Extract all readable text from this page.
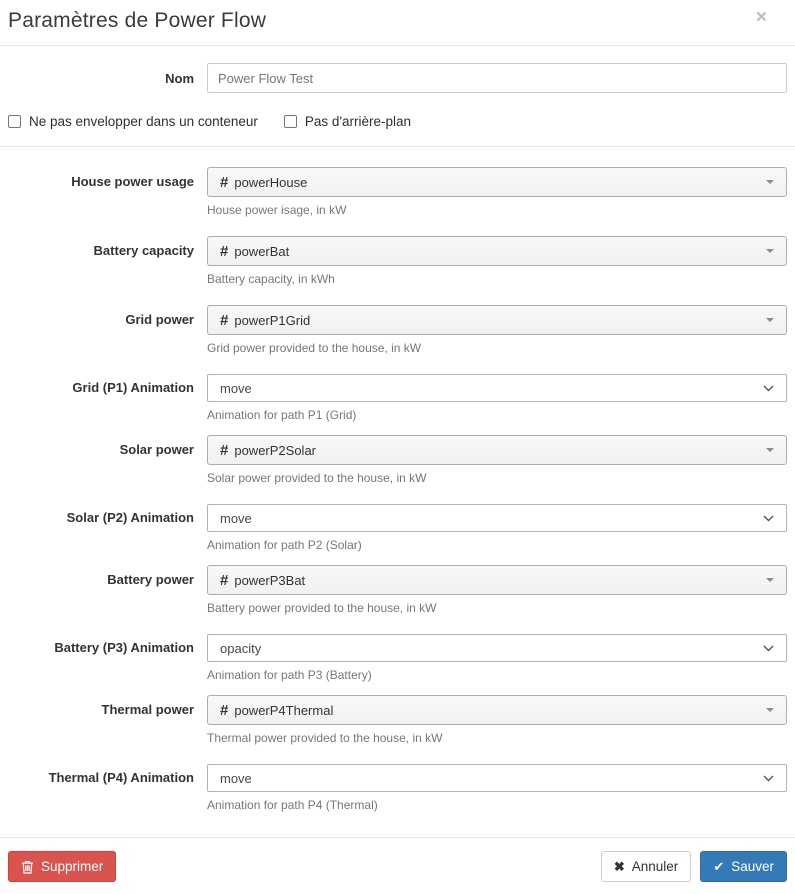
Paramètres de Power Flow	×
Nom
Power Flow Test
Ne pas envelopper dans un conteneur	Pas d'arrière-plan
House power usage	# powerHouse
House power isage, in kW
Battery capacity	# powerBat
Battery capacity, in kWh
Grid power	# powerP1Grid
Grid power provided to the house, in kW
Grid (P1) Animation	move
Animation for path P1 (Grid)
Solar power	# powerP2Solar
Solar power provided to the house, in kW
Solar (P2) Animation	move
Animation for path P2 (Solar)
Battery power	# powerP3Bat
Battery power provided to the house, in kW
Battery (P3) Animation	opacity
Animation for path P3 (Battery)
Thermal power	# powerP4Thermal
Thermal power provided to the house, in kW
Thermal (P4) Animation	move
Animation for path P4 (Thermal)
Supprimer	✖ Annuler	✔ Sauver
